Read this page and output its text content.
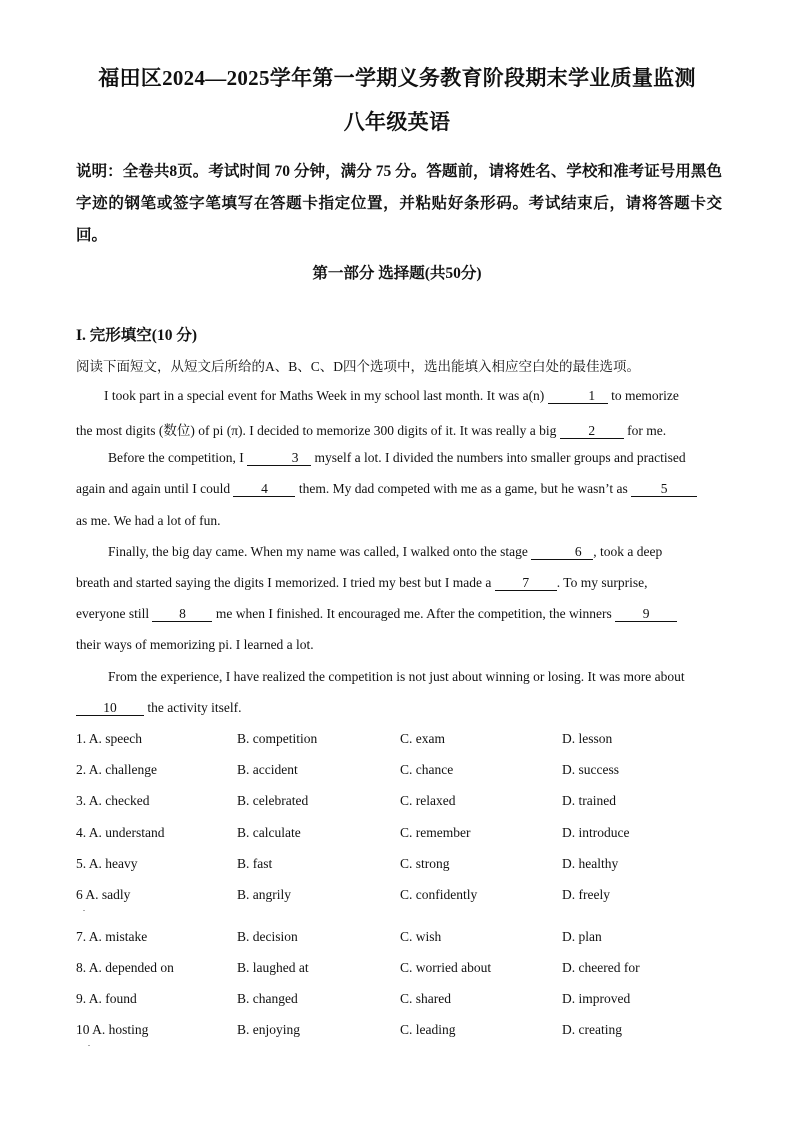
福田区2024—2025学年第一学期义务教育阶段期末学业质量监测
八年级英语
说明：全卷共8页。考试时间 70 分钟，满分 75 分。答题前，请将姓名、学校和准考证号用黑色字迹的钢笔或签字笔填写在答题卡指定位置，并粘贴好条形码。考试结束后，请将答题卡交回。
第一部分 选择题(共50分)
I. 完形填空(10 分)
阅读下面短文，从短文后所给的A、B、C、D四个选项中，选出能填入相应空白处的最佳选项。
I took part in a special event for Maths Week in my school last month. It was a(n)	1 to memorize
the most digits (数位) of pi (π). I decided to memorize 300 digits of it. It was really a big 2 for me.
Before the competition, I	3 myself a lot. I divided the numbers into smaller groups and practised
again and again until I could 4 them. My dad competed with me as a game, but he wasn’t as 5
as me. We had a lot of fun.
Finally, the big day came. When my name was called, I walked onto the stage	6 , took a deep
breath and started saying the digits I memorized. I tried my best but I made a 7 . To my surprise,
everyone still 8 me when I finished. It encouraged me. After the competition, the winners 9
their ways of memorizing pi. I learned a lot.
From the experience, I have realized the competition is not just about winning or losing. It was more about
10 the activity itself.
1. A. speech	B. competition	C. exam	D. lesson
2. A. challenge	B. accident	C. chance	D. success
3. A. checked	B. celebrated	C. relaxed	D. trained
4. A. understand	B. calculate	C. remember	D. introduce
5. A. heavy	B. fast	C. strong	D. healthy
6 A. sadly	B. angrily	C. confidently	D. freely
.
7. A. mistake	B. decision	C. wish	D. plan
8. A. depended on	B. laughed at	C. worried about	D. cheered for
9. A. found	B. changed	C. shared	D. improved
10 A. hosting	B. enjoying	C. leading	D. creating
.
